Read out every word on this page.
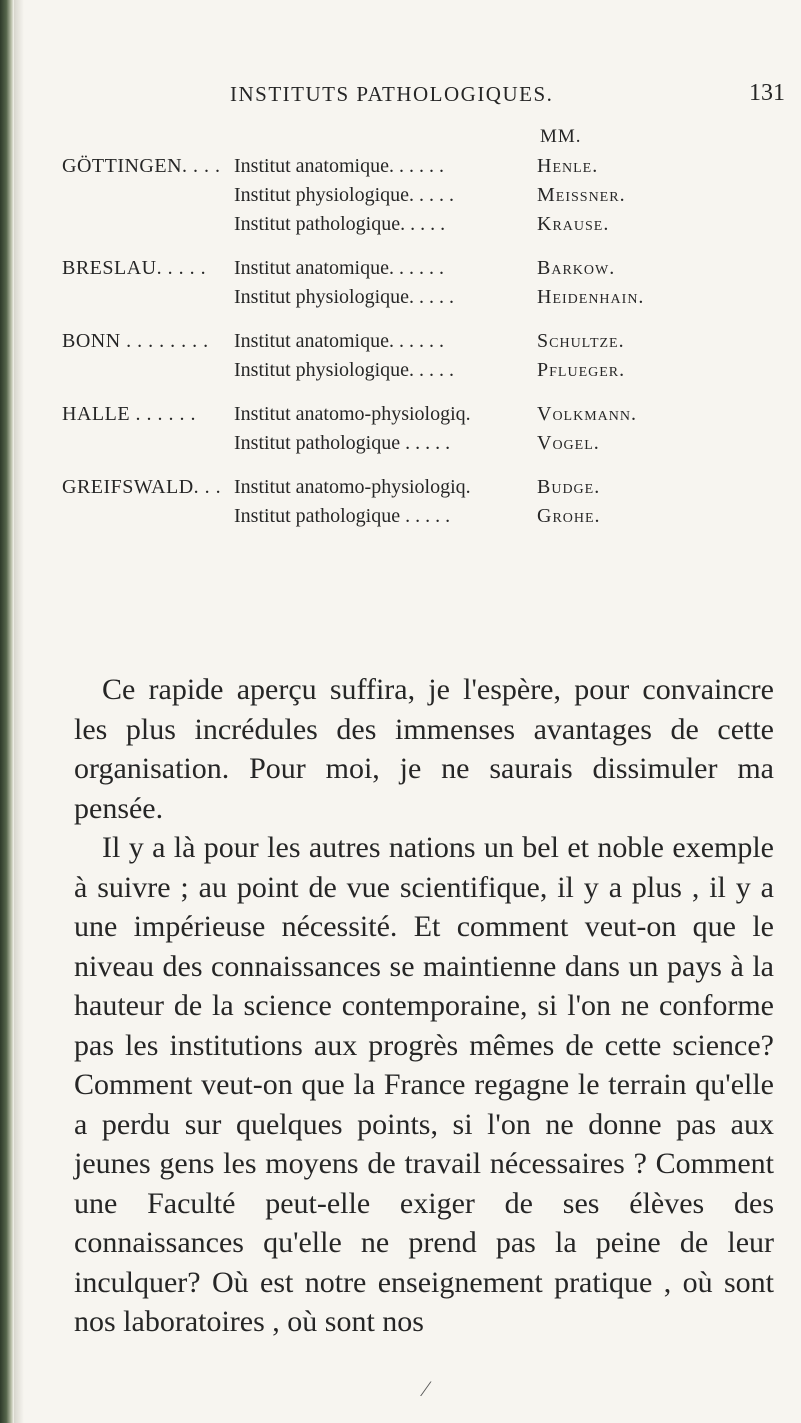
INSTITUTS PATHOLOGIQUES.	131
MM.
GÖTTINGEN. . . . Institut anatomique. . . . . .	Henle.
Institut physiologique. . . . .	Meissner.
Institut pathologique. . . . .	Krause.
BRESLAU. . . . .	Institut anatomique. . . . . .	Barkow.
Institut physiologique. . . . .	Heidenhain.
BONN . . . . . . . .	Institut anatomique. . . . . .	Schultze.
Institut physiologique. . . . .	Pflueger.
HALLE . . . . . .	Institut anatomo-physiologiq.	Volkmann.
Institut pathologique . . . . .	Vogel.
GREIFSWALD. . . Institut anatomo-physiologiq.	Budge.
Institut pathologique . . . . .	Grohe.

Ce rapide aperçu suffira, je l'espère, pour convaincre les plus incrédules des immenses avantages de cette organisation. Pour moi, je ne saurais dissimuler ma pensée.

Il y a là pour les autres nations un bel et noble exemple à suivre ; au point de vue scientifique, il y a plus , il y a une impérieuse nécessité. Et comment veut-on que le niveau des connaissances se maintienne dans un pays à la hauteur de la science contemporaine, si l'on ne conforme pas les institutions aux progrès mêmes de cette science? Comment veut-on que la France regagne le terrain qu'elle a perdu sur quelques points, si l'on ne donne pas aux jeunes gens les moyens de travail nécessaires ? Comment une Faculté peut-elle exiger de ses élèves des connaissances qu'elle ne prend pas la peine de leur inculquer? Où est notre enseignement pratique , où sont nos laboratoires , où sont nos

⁄
